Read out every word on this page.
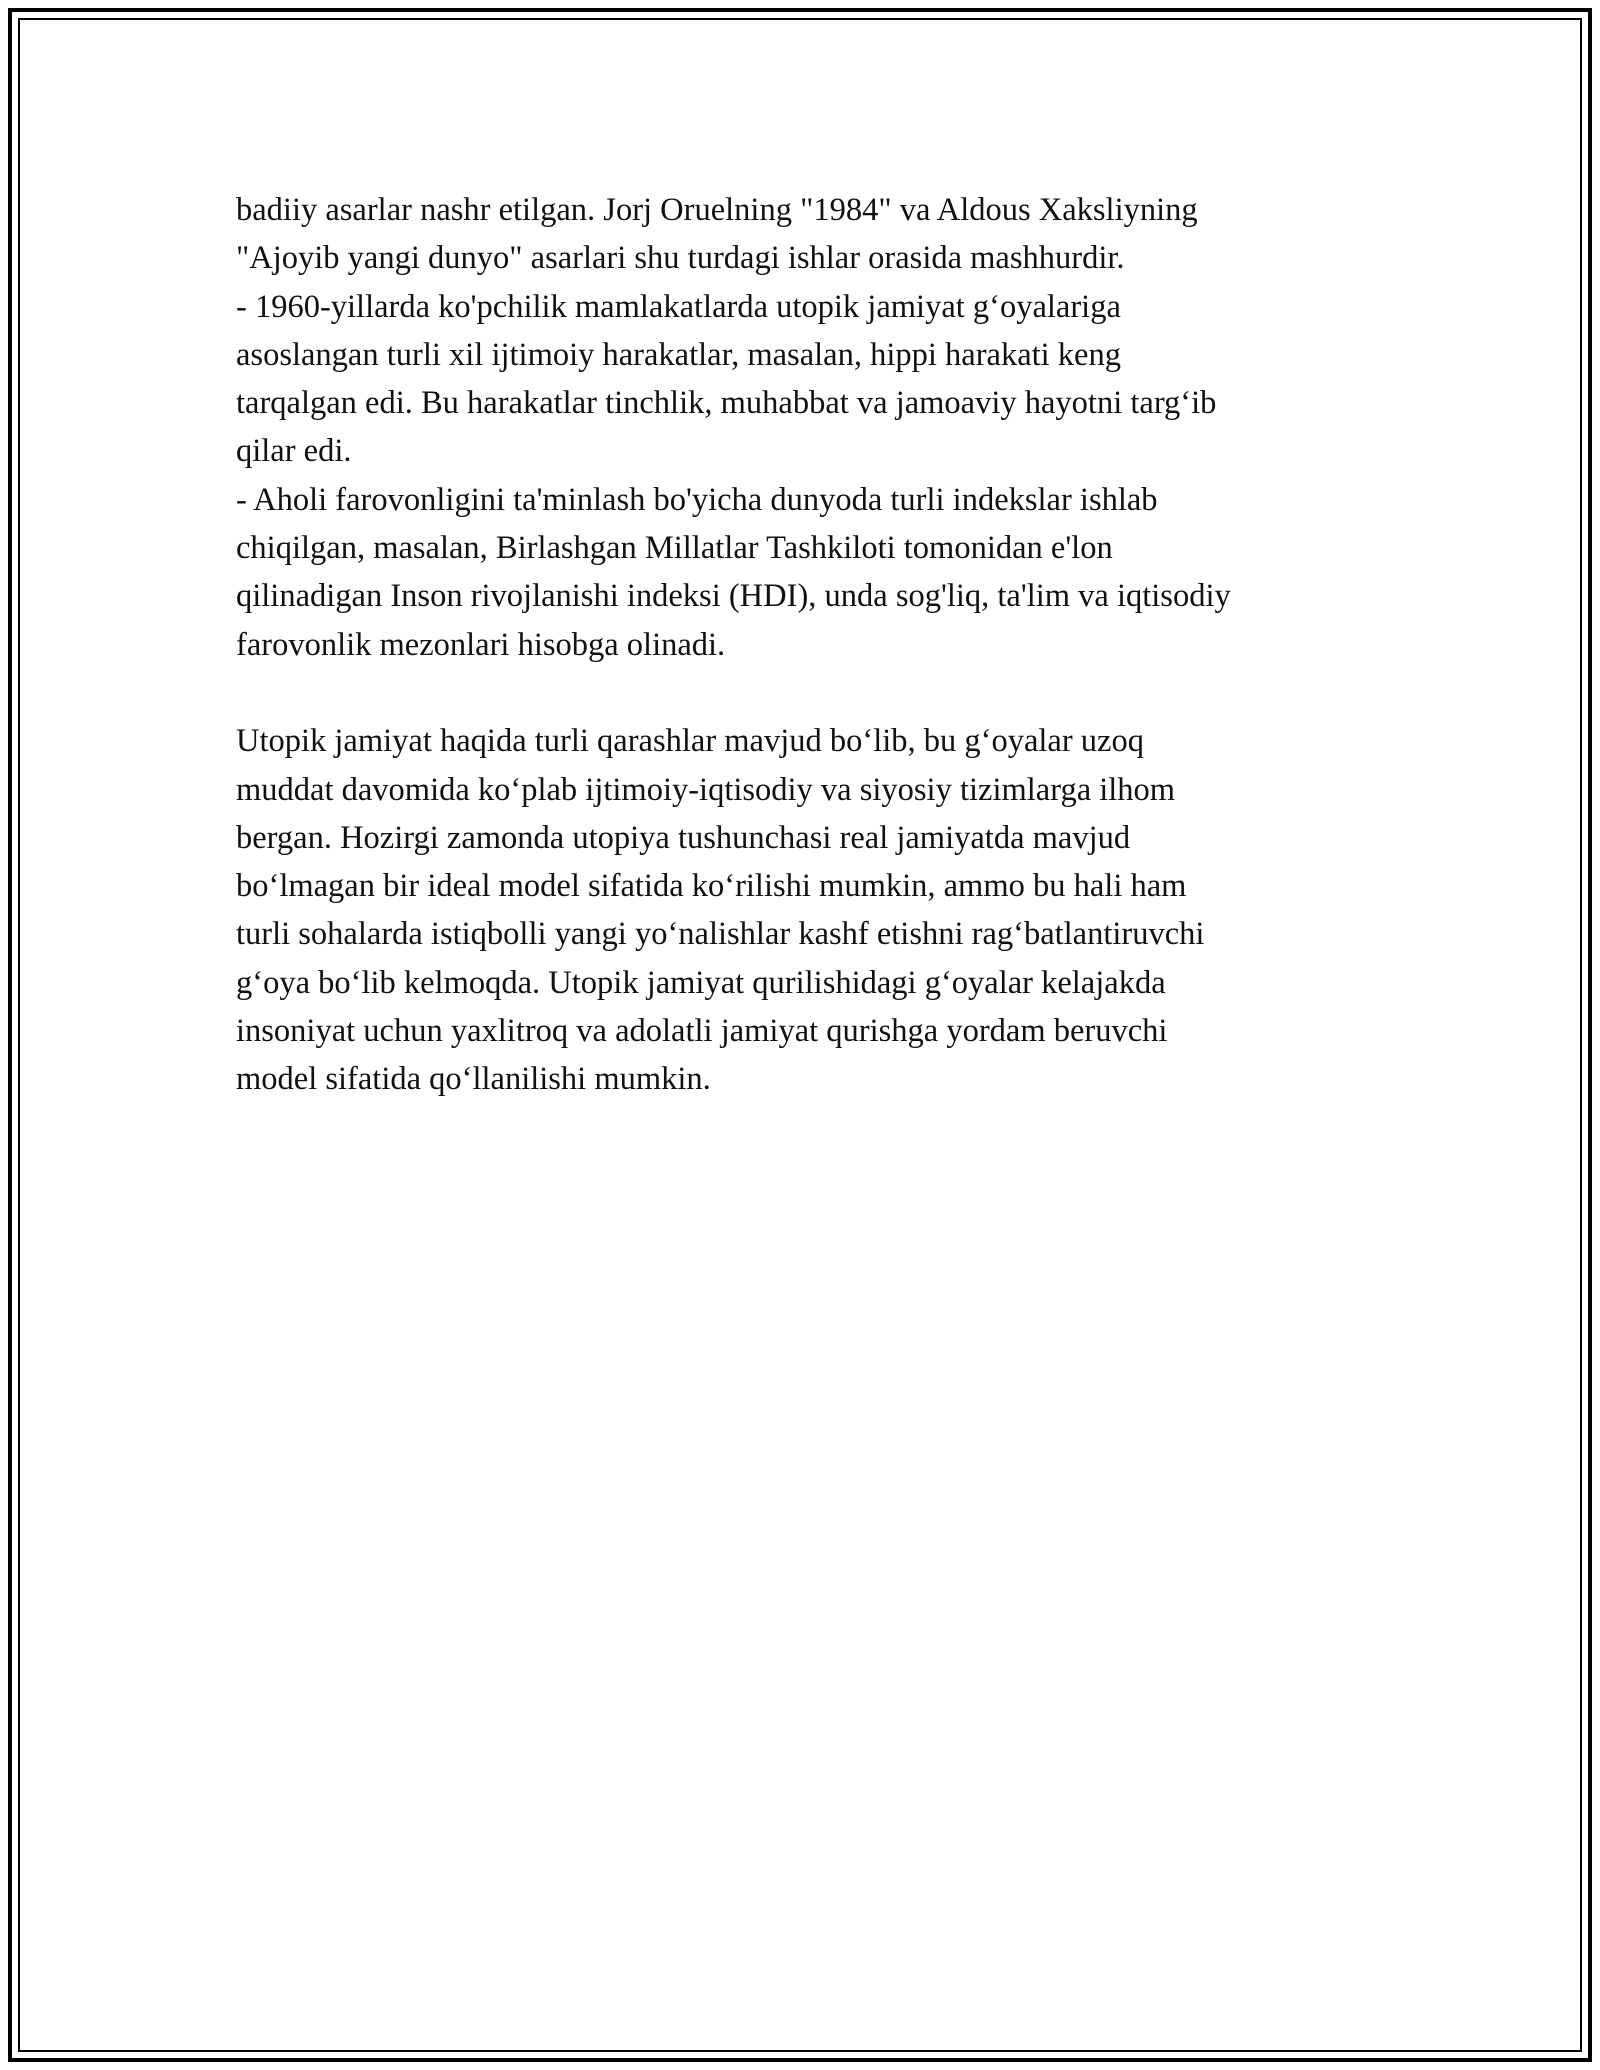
badiiy asarlar nashr etilgan. Jorj Oruelning "1984" va Aldous Xaksliyning
"Ajoyib yangi dunyo" asarlari shu turdagi ishlar orasida mashhurdir.
- 1960-yillarda ko'pchilik mamlakatlarda utopik jamiyat g‘oyalariga
asoslangan turli xil ijtimoiy harakatlar, masalan, hippi harakati keng
tarqalgan edi. Bu harakatlar tinchlik, muhabbat va jamoaviy hayotni targ‘ib
qilar edi.
- Aholi farovonligini ta'minlash bo'yicha dunyoda turli indekslar ishlab
chiqilgan, masalan, Birlashgan Millatlar Tashkiloti tomonidan e'lon
qilinadigan Inson rivojlanishi indeksi (HDI), unda sog'liq, ta'lim va iqtisodiy
farovonlik mezonlari hisobga olinadi.
Utopik jamiyat haqida turli qarashlar mavjud bo‘lib, bu g‘oyalar uzoq
muddat davomida ko‘plab ijtimoiy-iqtisodiy va siyosiy tizimlarga ilhom
bergan. Hozirgi zamonda utopiya tushunchasi real jamiyatda mavjud
bo‘lmagan bir ideal model sifatida ko‘rilishi mumkin, ammo bu hali ham
turli sohalarda istiqbolli yangi yo‘nalishlar kashf etishni rag‘batlantiruvchi
g‘oya bo‘lib kelmoqda. Utopik jamiyat qurilishidagi g‘oyalar kelajakda
insoniyat uchun yaxlitroq va adolatli jamiyat qurishga yordam beruvchi
model sifatida qo‘llanilishi mumkin.
